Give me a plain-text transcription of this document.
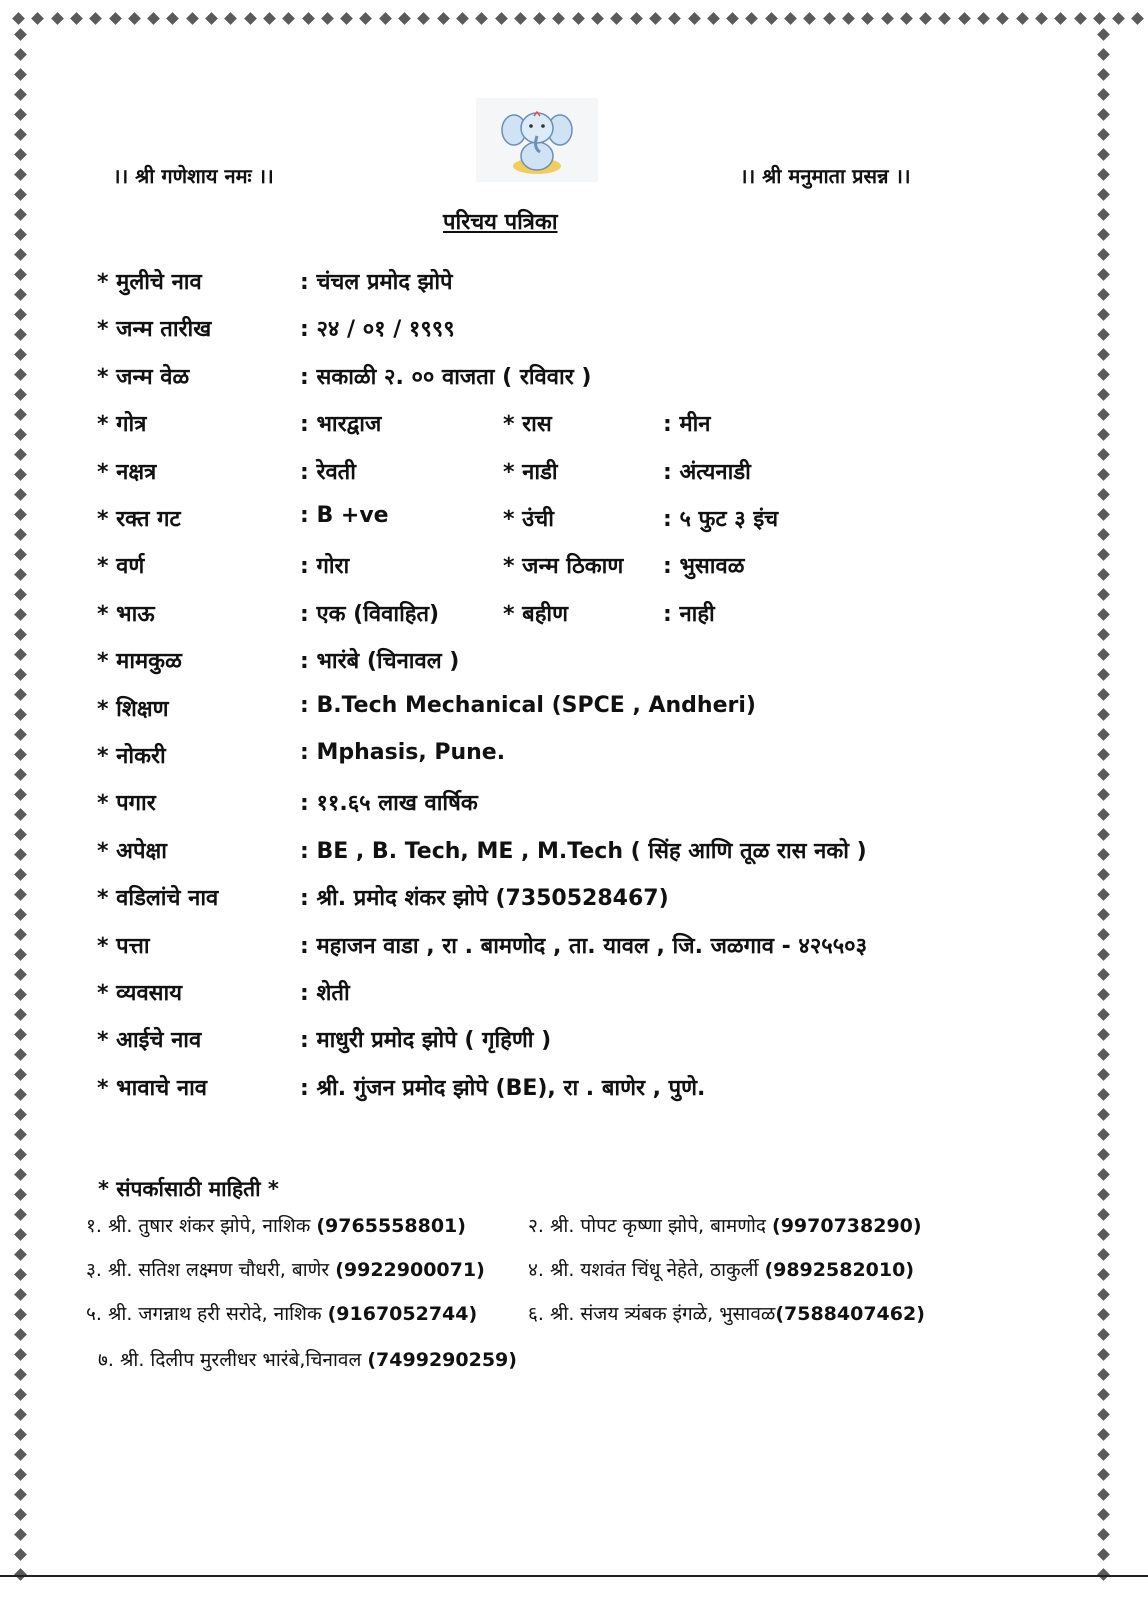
।। श्री गणेशाय नमः ।।	।। श्री मनुमाता प्रसन्न ।।
परिचय पत्रिका
* मुलीचे नाव	: चंचल प्रमोद झोपे
* जन्म तारीख	: २४ / ०१ / १९९९
* जन्म वेळ	: सकाळी २. ०० वाजता ( रविवार )
* गोत्र	: भारद्वाज	* रास	: मीन
* नक्षत्र	: रेवती	* नाडी	: अंत्यनाडी
* रक्त गट	: B +ve	* उंची	: ५ फुट ३ इंच
* वर्ण	: गोरा	* जन्म ठिकाण : भुसावळ
* भाऊ	: एक (विवाहित)	* बहीण	: नाही
* मामकुळ	: भारंबे (चिनावल )
* शिक्षण	: B.Tech Mechanical (SPCE , Andheri)
* नोकरी	: Mphasis, Pune.
* पगार	: ११.६५ लाख वार्षिक
* अपेक्षा	: BE , B. Tech, ME , M.Tech ( सिंह आणि तूळ रास नको )
* वडिलांचे नाव	: श्री. प्रमोद शंकर झोपे (7350528467)
* पत्ता	: महाजन वाडा , रा . बामणोद , ता. यावल , जि. जळगाव - ४२५५०३
* व्यवसाय	: शेती
* आईचे नाव	: माधुरी प्रमोद झोपे ( गृहिणी )
* भावाचे नाव	: श्री. गुंजन प्रमोद झोपे (BE), रा . बाणेर , पुणे.
* संपर्कासाठी माहिती *
१. श्री. तुषार शंकर झोपे, नाशिक (9765558801)	२. श्री. पोपट कृष्णा झोपे, बामणोद (9970738290)
३. श्री. सतिश लक्ष्मण चौधरी, बाणेर (9922900071) ४. श्री. यशवंत चिंधू नेहेते, ठाकुर्ली (9892582010)
५. श्री. जगन्नाथ हरी सरोदे, नाशिक (9167052744)	६. श्री. संजय त्र्यंबक इंगळे, भुसावळ(7588407462)
७. श्री. दिलीप मुरलीधर भारंबे,चिनावल (7499290259)
